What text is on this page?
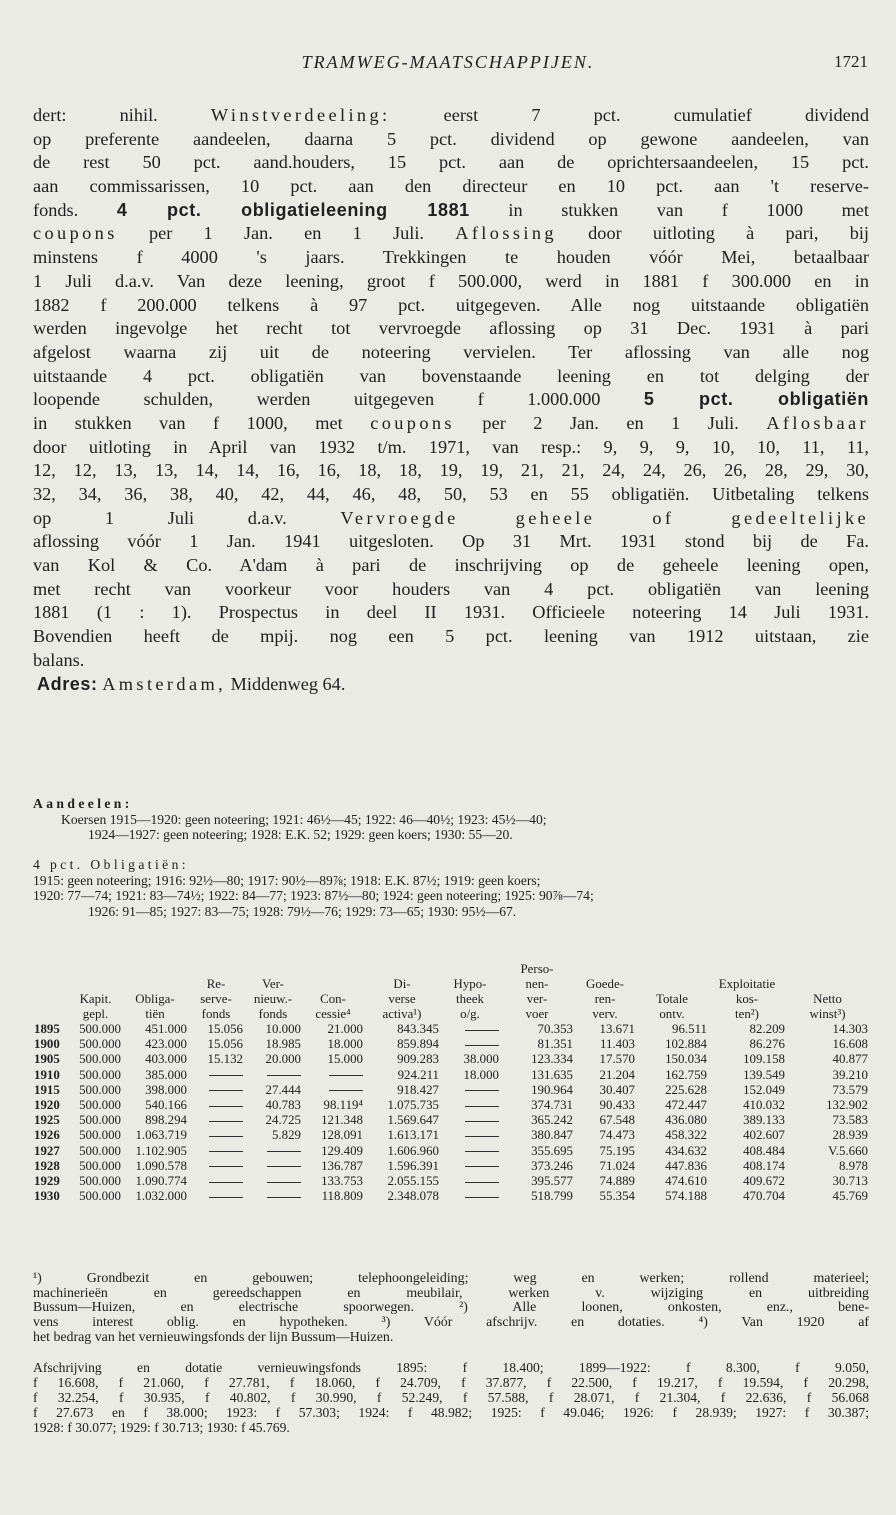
TRAMWEG-MAATSCHAPPIJEN.	1721
dert: nihil. Winstverdeeling: eerst 7 pct. cumulatief dividend
op preferente aandeelen, daarna 5 pct. dividend op gewone aandeelen, van
de rest 50 pct. aand.houders, 15 pct. aan de oprichtersaandeelen, 15 pct.
aan commissarissen, 10 pct. aan den directeur en 10 pct. aan 't reserve-
fonds. 4 pct. obligatieleening 1881 in stukken van f 1000 met
coupons per 1 Jan. en 1 Juli. Aflossing door uitloting à pari, bij
minstens f 4000 's jaars. Trekkingen te houden vóór Mei, betaalbaar
1 Juli d.a.v. Van deze leening, groot f 500.000, werd in 1881 f 300.000 en in
1882 f 200.000 telkens à 97 pct. uitgegeven. Alle nog uitstaande obligatiën
werden ingevolge het recht tot vervroegde aflossing op 31 Dec. 1931 à pari
afgelost waarna zij uit de noteering vervielen. Ter aflossing van alle nog
uitstaande 4 pct. obligatiën van bovenstaande leening en tot delging der
loopende schulden, werden uitgegeven f 1.000.000 5 pct. obligatiën
in stukken van f 1000, met coupons per 2 Jan. en 1 Juli. Aflosbaar
door uitloting in April van 1932 t/m. 1971, van resp.: 9, 9, 9, 10, 10, 11, 11,
12, 12, 13, 13, 14, 14, 16, 16, 18, 18, 19, 19, 21, 21, 24, 24, 26, 26, 28, 29, 30,
32, 34, 36, 38, 40, 42, 44, 46, 48, 50, 53 en 55 obligatiën. Uitbetaling telkens
op 1 Juli d.a.v. Vervroegde geheele of gedeeltelijke
aflossing vóór 1 Jan. 1941 uitgesloten. Op 31 Mrt. 1931 stond bij de Fa.
van Kol & Co. A'dam à pari de inschrijving op de geheele leening open,
met recht van voorkeur voor houders van 4 pct. obligatiën van leening
1881 (1 : 1). Prospectus in deel II 1931. Officieele noteering 14 Juli 1931.
Bovendien heeft de mpij. nog een 5 pct. leening van 1912 uitstaan, zie
balans.
Adres: Amsterdam, Middenweg 64.
Aandeelen:
Koersen 1915—1920: geen noteering; 1921: 46½—45; 1922: 46—40½; 1923: 45½—40;
1924—1927: geen noteering; 1928: E.K. 52; 1929: geen koers; 1930: 55—20.
4 pct. Obligatiën:
1915: geen noteering; 1916: 92½—80; 1917: 90½—89⅞; 1918: E.K. 87½; 1919: geen koers;
1920: 77—74; 1921: 83—74½; 1922: 84—77; 1923: 87½—80; 1924: geen noteering; 1925: 90⅞—74;
1926: 91—85; 1927: 83—75; 1928: 79½—76; 1929: 73—65; 1930: 95½—67.
								Perso-				
			Re-	Ver-		Di-	Hypo-	nen-	Goede-		Exploitatie	
	Kapit.	Obliga-	serve-	nieuw.-	Con-	verse	theek	ver-	ren-	Totale	kos-	Netto
	gepl.	tiën	fonds	fonds	cessie⁴	activa¹)	o/g.	voer	verv.	ontv.	ten²)	winst³)
1895	500.000	451.000	15.056	10.000	21.000	843.345		70.353	13.671	96.511	82.209	14.303
1900	500.000	423.000	15.056	18.985	18.000	859.894		81.351	11.403	102.884	86.276	16.608
1905	500.000	403.000	15.132	20.000	15.000	909.283	38.000	123.334	17.570	150.034	109.158	40.877
1910	500.000	385.000				924.211	18.000	131.635	21.204	162.759	139.549	39.210
1915	500.000	398.000		27.444		918.427		190.964	30.407	225.628	152.049	73.579
1920	500.000	540.166		40.783	98.119⁴	1.075.735		374.731	90.433	472.447	410.032	132.902
1925	500.000	898.294		24.725	121.348	1.569.647		365.242	67.548	436.080	389.133	73.583
1926	500.000	1.063.719		5.829	128.091	1.613.171		380.847	74.473	458.322	402.607	28.939
1927	500.000	1.102.905			129.409	1.606.960		355.695	75.195	434.632	408.484	V.5.660
1928	500.000	1.090.578			136.787	1.596.391		373.246	71.024	447.836	408.174	8.978
1929	500.000	1.090.774			133.753	2.055.155		395.577	74.889	474.610	409.672	30.713
1930	500.000	1.032.000			118.809	2.348.078		518.799	55.354	574.188	470.704	45.769
¹) Grondbezit en gebouwen; telephoongeleiding; weg en werken; rollend materieel;
machinerieën en gereedschappen en meubilair, werken v. wijziging en uitbreiding
Bussum—Huizen, en electrische spoorwegen. ²) Alle loonen, onkosten, enz., bene-
vens interest oblig. en hypotheken. ³) Vóór afschrijv. en dotaties. ⁴) Van 1920 af
het bedrag van het vernieuwingsfonds der lijn Bussum—Huizen.
Afschrijving en dotatie vernieuwingsfonds 1895: f 18.400; 1899—1922: f 8.300, f 9.050,
f 16.608, f 21.060, f 27.781, f 18.060, f 24.709, f 37.877, f 22.500, f 19.217, f 19.594, f 20.298,
f 32.254, f 30.935, f 40.802, f 30.990, f 52.249, f 57.588, f 28.071, f 21.304, f 22.636, f 56.068
f 27.673 en f 38.000; 1923: f 57.303; 1924: f 48.982; 1925: f 49.046; 1926: f 28.939; 1927: f 30.387;
1928: f 30.077; 1929: f 30.713; 1930: f 45.769.
